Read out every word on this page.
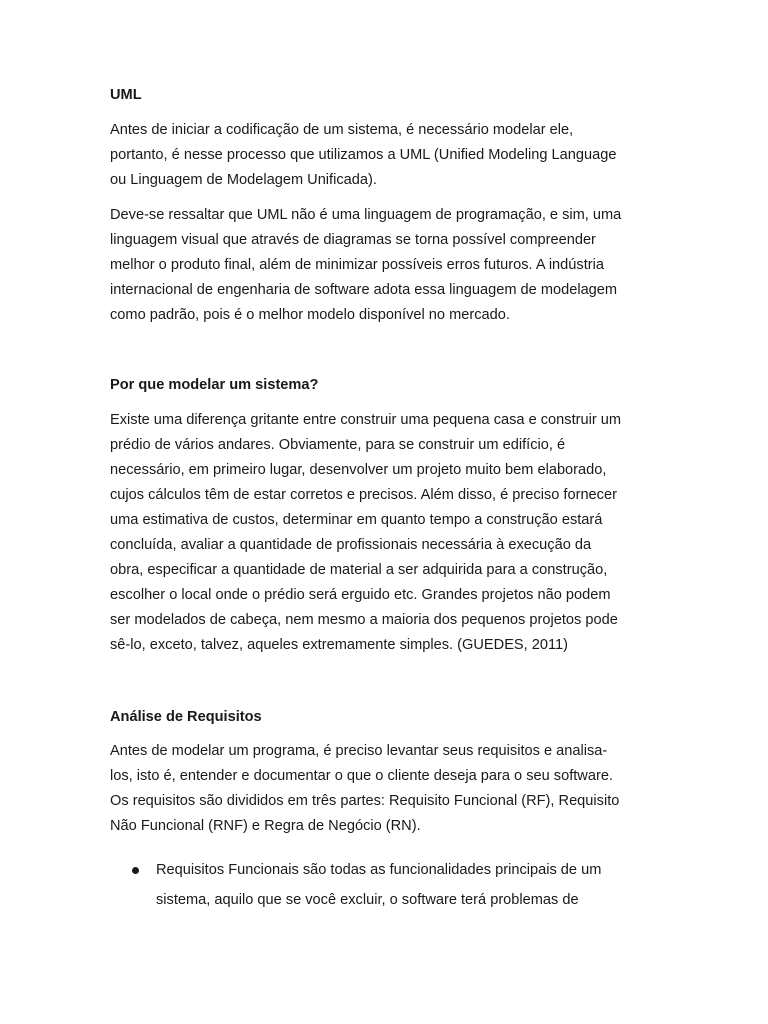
UML
Antes de iniciar a codificação de um sistema, é necessário modelar ele,
portanto, é nesse processo que utilizamos a UML (Unified Modeling Language
ou Linguagem de Modelagem Unificada).
Deve-se ressaltar que UML não é uma linguagem de programação, e sim, uma
linguagem visual que através de diagramas se torna possível compreender
melhor o produto final, além de minimizar possíveis erros futuros. A indústria
internacional de engenharia de software adota essa linguagem de modelagem
como padrão, pois é o melhor modelo disponível no mercado.
Por que modelar um sistema?
Existe uma diferença gritante entre construir uma pequena casa e construir um
prédio de vários andares. Obviamente, para se construir um edifício, é
necessário, em primeiro lugar, desenvolver um projeto muito bem elaborado,
cujos cálculos têm de estar corretos e precisos. Além disso, é preciso fornecer
uma estimativa de custos, determinar em quanto tempo a construção estará
concluída, avaliar a quantidade de profissionais necessária à execução da
obra, especificar a quantidade de material a ser adquirida para a construção,
escolher o local onde o prédio será erguido etc. Grandes projetos não podem
ser modelados de cabeça, nem mesmo a maioria dos pequenos projetos pode
sê-lo, exceto, talvez, aqueles extremamente simples. (GUEDES, 2011)
Análise de Requisitos
Antes de modelar um programa, é preciso levantar seus requisitos e analisa-
los, isto é, entender e documentar o que o cliente deseja para o seu software.
Os requisitos são divididos em três partes: Requisito Funcional (RF), Requisito
Não Funcional (RNF) e Regra de Negócio (RN).
Requisitos Funcionais são todas as funcionalidades principais de um
sistema, aquilo que se você excluir, o software terá problemas de
